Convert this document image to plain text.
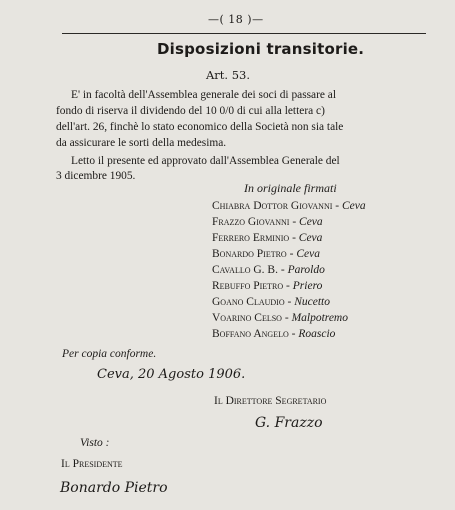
—( 18 )—
Disposizioni transitorie.
Art. 53.
E' in facoltà dell'Assemblea generale dei soci di passare al
fondo di riserva il dividendo del 10 0/0 di cui alla lettera c)
dell'art. 26, finchè lo stato economico della Società non sia tale
da assicurare le sorti della medesima.
Letto il presente ed approvato dall'Assemblea Generale del
3 dicembre 1905.
In originale firmati
Chiabra Dottor Giovanni - Ceva
Frazzo Giovanni - Ceva
Ferrero Erminio - Ceva
Bonardo Pietro - Ceva
Cavallo G. B. - Paroldo
Rebuffo Pietro - Priero
Goano Claudio - Nucetto
Voarino Celso - Malpotremo
Boffano Angelo - Roascio
Per copia conforme.
Ceva, 20 Agosto 1906.
Il Direttore Segretario
G. Frazzo
Visto :
Il Presidente
Bonardo Pietro
